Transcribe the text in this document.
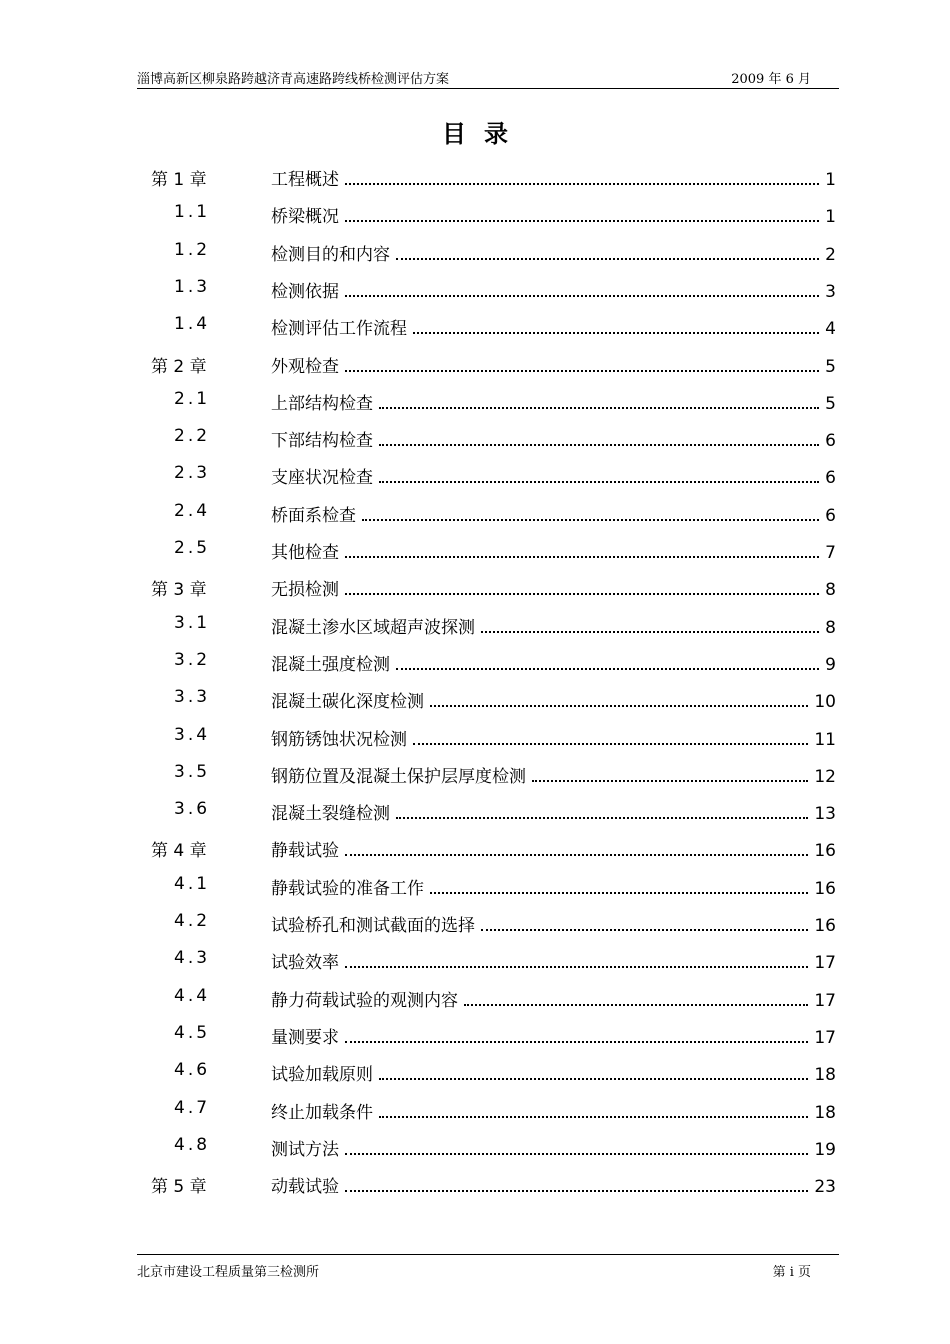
淄博高新区柳泉路跨越济青高速路跨线桥检测评估方案	2009 年 6 月
目录
第 1 章	工程概述	1
1.1	桥梁概况	1
1.2	检测目的和内容	2
1.3	检测依据	3
1.4	检测评估工作流程	4
第 2 章	外观检查	5
2.1	上部结构检查	5
2.2	下部结构检查	6
2.3	支座状况检查	6
2.4	桥面系检查	6
2.5	其他检查	7
第 3 章	无损检测	8
3.1	混凝土渗水区域超声波探测	8
3.2	混凝土强度检测	9
3.3	混凝土碳化深度检测	10
3.4	钢筋锈蚀状况检测	11
3.5	钢筋位置及混凝土保护层厚度检测	12
3.6	混凝土裂缝检测	13
第 4 章	静载试验	16
4.1	静载试验的准备工作	16
4.2	试验桥孔和测试截面的选择	16
4.3	试验效率	17
4.4	静力荷载试验的观测内容	17
4.5	量测要求	17
4.6	试验加载原则	18
4.7	终止加载条件	18
4.8	测试方法	19
第 5 章	动载试验	23
北京市建设工程质量第三检测所	第 i 页
